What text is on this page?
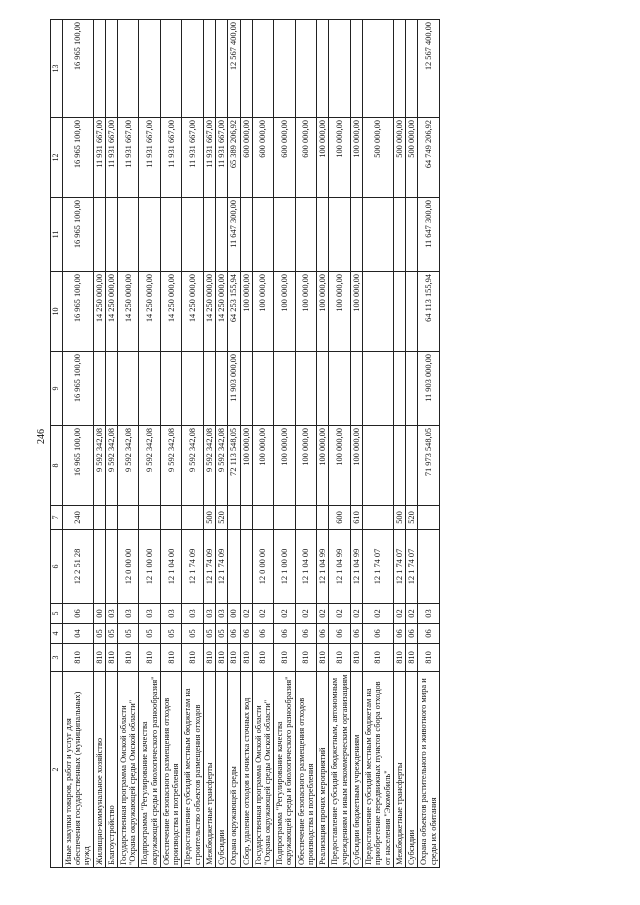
246
2	3	4	5	6	7	8	9	10	11	12	13
Иные закупки товаров, работ и услуг для обеспечения государственных (муниципальных) нужд	810	04	06	12 2 51 28	240	16 965 100,00	16 965 100,00	16 965 100,00	16 965 100,00	16 965 100,00	16 965 100,00
Жилищно-коммунальное хозяйство	810	05	00			9 592 342,08		14 250 000,00		11 931 667,00	
Благоустройство	810	05	03			9 592 342,08		14 250 000,00		11 931 667,00	
Государственная программа Омской области "Охрана окружающей среды Омской области"	810	05	03	12 0 00 00		9 592 342,08		14 250 000,00		11 931 667,00	
Подпрограмма "Регулирование качества окружающей среды и биологического разнообразия"	810	05	03	12 1 00 00		9 592 342,08		14 250 000,00		11 931 667,00	
Обеспечение безопасного размещения отходов производства и потребления	810	05	03	12 1 04 00		9 592 342,08		14 250 000,00		11 931 667,00	
Предоставление субсидий местным бюджетам на строительство объектов размещения отходов	810	05	03	12 1 74 09		9 592 342,08		14 250 000,00		11 931 667,00	
Межбюджетные трансферты	810	05	03	12 1 74 09	500	9 592 342,08		14 250 000,00		11 931 667,00	
Субсидии	810	05	03	12 1 74 09	520	9 592 342,08		14 250 000,00		11 931 667,00	
Охрана окружающей среды	810	06	00			72 113 548,05	11 903 000,00	64 253 155,94	11 647 300,00	65 389 206,92	12 567 400,00
Сбор, удаление отходов и очистка сточных вод	810	06	02			100 000,00		100 000,00		600 000,00	
Государственная программа Омской области "Охрана окружающей среды Омской области"	810	06	02	12 0 00 00		100 000,00		100 000,00		600 000,00	
Подпрограмма "Регулирование качества окружающей среды и биологического разнообразия"	810	06	02	12 1 00 00		100 000,00		100 000,00		600 000,00	
Обеспечение безопасного размещения отходов производства и потребления	810	06	02	12 1 04 00		100 000,00		100 000,00		600 000,00	
Реализация прочих мероприятий	810	06	02	12 1 04 99		100 000,00		100 000,00		100 000,00	
Предоставление субсидий бюджетным, автономным учреждениям и иным некоммерческим организациям	810	06	02	12 1 04 99	600	100 000,00		100 000,00		100 000,00	
Субсидии бюджетным учреждениям	810	06	02	12 1 04 99	610	100 000,00		100 000,00		100 000,00	
Предоставление субсидий местным бюджетам на приобретение передвижных пунктов сбора отходов от населения "Экомобиль"	810	06	02	12 1 74 07						500 000,00	
Межбюджетные трансферты	810	06	02	12 1 74 07	500					500 000,00	
Субсидии	810	06	02	12 1 74 07	520					500 000,00	
Охрана объектов растительного и животного мира и среды их обитания	810	06	03			71 973 548,05	11 903 000,00	64 113 155,94	11 647 300,00	64 749 206,92	12 567 400,00
